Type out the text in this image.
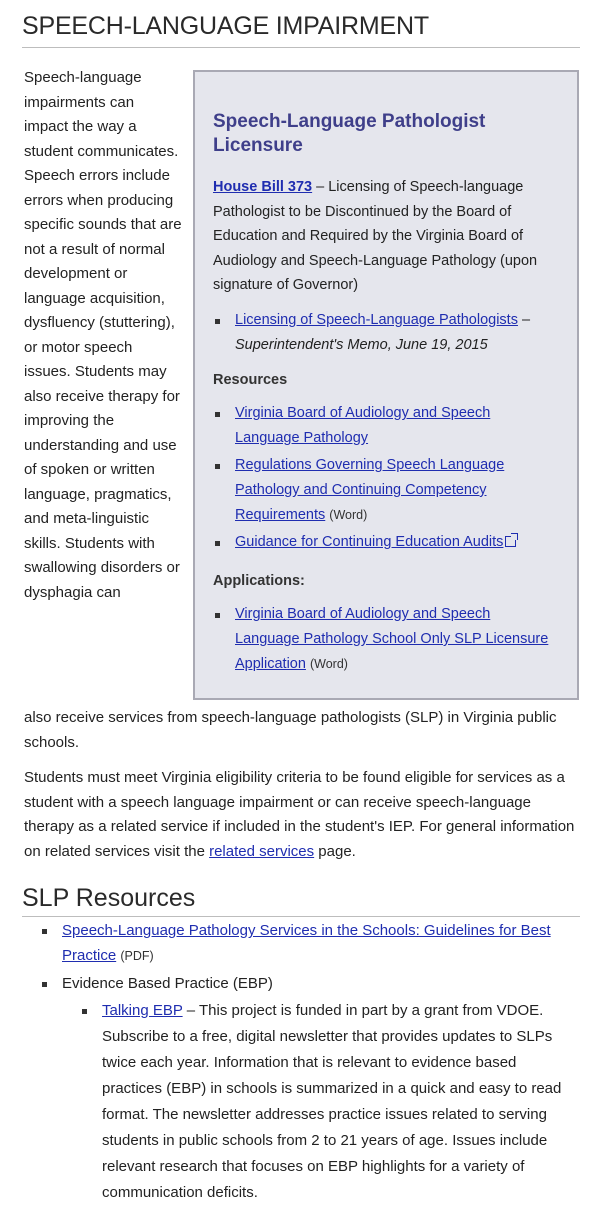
SPEECH-LANGUAGE IMPAIRMENT

Speech-language impairments can impact the way a student communicates. Speech errors include errors when producing specific sounds that are not a result of normal development or language acquisition, dysfluency (stuttering), or motor speech issues. Students may also receive therapy for improving the understanding and use of spoken or written language, pragmatics, and meta-linguistic skills. Students with swallowing disorders or dysphagia can

Speech-Language Pathologist Licensure

House Bill 373 – Licensing of Speech-language Pathologist to be Discontinued by the Board of Education and Required by the Virginia Board of Audiology and Speech-Language Pathology (upon signature of Governor)

Licensing of Speech-Language Pathologists – Superintendent's Memo, June 19, 2015
Resources
Virginia Board of Audiology and Speech Language Pathology
Regulations Governing Speech Language Pathology and Continuing Competency Requirements (Word)
Guidance for Continuing Education Audits
Applications:
Virginia Board of Audiology and Speech Language Pathology School Only SLP Licensure Application (Word)

also receive services from speech-language pathologists (SLP) in Virginia public schools.

Students must meet Virginia eligibility criteria to be found eligible for services as a student with a speech language impairment or can receive speech-language therapy as a related service if included in the student's IEP. For general information on related services visit the related services page.

SLP Resources
Speech-Language Pathology Services in the Schools: Guidelines for Best Practice (PDF)
Evidence Based Practice (EBP)
Talking EBP – This project is funded in part by a grant from VDOE. Subscribe to a free, digital newsletter that provides updates to SLPs twice each year. Information that is relevant to evidence based practices (EBP) in schools is summarized in a quick and easy to read format. The newsletter addresses practice issues related to serving students in public schools from 2 to 21 years of age. Issues include relevant research that focuses on EBP highlights for a variety of communication deficits.
